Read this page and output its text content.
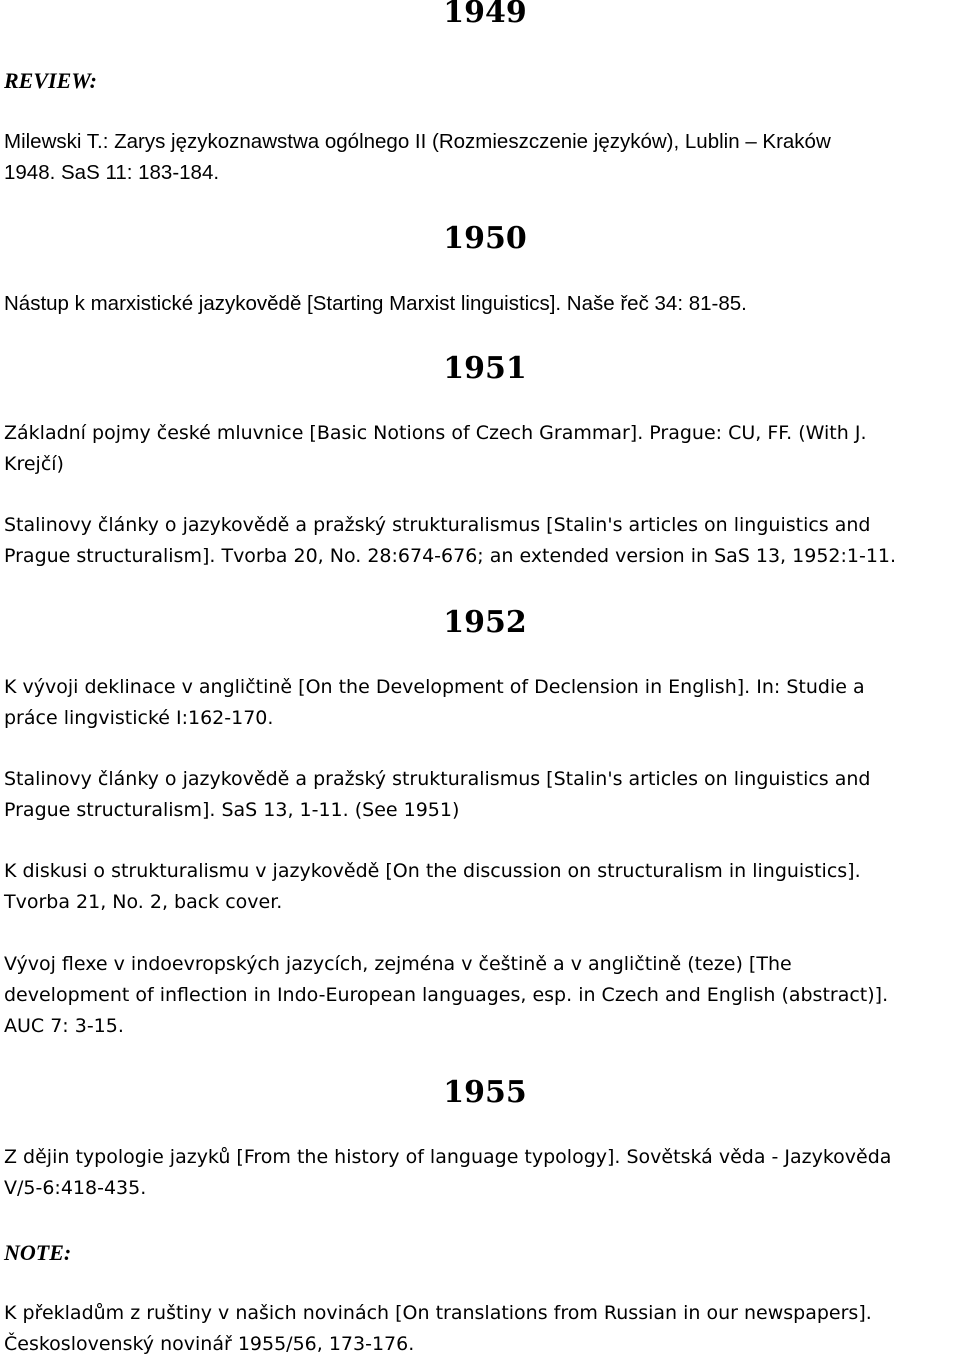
1949
REVIEW:

Milewski T.: Zarys językoznawstwa ogólnego II (Rozmieszczenie języków), Lublin – Kraków
1948. SaS 11: 183-184.

1950

Nástup k marxistické jazykovědě [Starting Marxist linguistics]. Naše řeč 34: 81-85.

1951

Základní pojmy české mluvnice [Basic Notions of Czech Grammar]. Prague: CU, FF. (With J.
Krejčí)

Stalinovy články o jazykovědě a pražský strukturalismus [Stalin's articles on linguistics and
Prague structuralism]. Tvorba 20, No. 28:674-676; an extended version in SaS 13, 1952:1-11.

1952

K vývoji deklinace v angličtině [On the Development of Declension in English]. In: Studie a
práce lingvistické I:162-170.

Stalinovy články o jazykovědě a pražský strukturalismus [Stalin's articles on linguistics and
Prague structuralism]. SaS 13, 1-11. (See 1951)

K diskusi o strukturalismu v jazykovědě [On the discussion on structuralism in linguistics].
Tvorba 21, No. 2, back cover.

Vývoj flexe v indoevropských jazycích, zejména v češtině a v angličtině (teze) [The
development of inflection in Indo-European languages, esp. in Czech and English (abstract)].
AUC 7: 3-15.

1955

Z dějin typologie jazyků [From the history of language typology]. Sovětská věda - Jazykověda
V/5-6:418-435.

NOTE:

K překladům z ruštiny v našich novinách [On translations from Russian in our newspapers].
Československý novinář 1955/56, 173-176.
